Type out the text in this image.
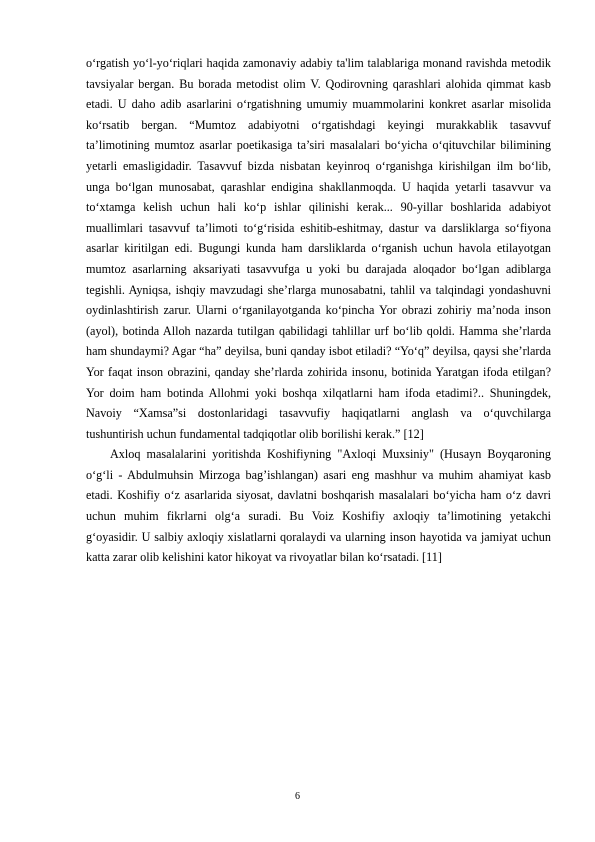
o‘rgatish yo‘l-yo‘riqlari haqida zamonaviy adabiy ta'lim talablariga monand ravishda metodik tavsiyalar bergan. Bu borada metodist olim V. Qodirovning qarashlari alohida qimmat kasb etadi. U daho adib asarlarini o‘rgatishning umumiy muammolarini konkret asarlar misolida ko‘rsatib bergan. “Mumtoz adabiyotni o‘rgatishdagi keyingi murakkablik tasavvuf ta’limotining mumtoz asarlar poetikasiga ta’siri masalalari bo‘yicha o‘qituvchilar bilimining yetarli emasligidadir. Tasavvuf bizda nisbatan keyinroq o‘rganishga kirishilgan ilm bo‘lib, unga bo‘lgan munosabat, qarashlar endigina shakllanmoqda. U haqida yetarli tasavvur va to‘xtamga kelish uchun hali ko‘p ishlar qilinishi kerak... 90-yillar boshlarida adabiyot muallimlari tasavvuf ta’limoti to‘g‘risida eshitib-eshitmay, dastur va darsliklarga so‘fiyona asarlar kiritilgan edi. Bugungi kunda ham darsliklarda o‘rganish uchun havola etilayotgan mumtoz asarlarning aksariyati tasavvufga u yoki bu darajada aloqador bo‘lgan adiblarga tegishli. Ayniqsa, ishqiy mavzudagi she’rlarga munosabatni, tahlil va talqindagi yondashuvni oydinlashtirish zarur. Ularni o‘rganilayotganda ko‘pincha Yor obrazi zohiriy ma’noda inson (ayol), botinda Alloh nazarda tutilgan qabilidagi tahlillar urf bo‘lib qoldi. Hamma she’rlarda ham shundaymi? Agar “ha” deyilsa, buni qanday isbot etiladi? “Yo‘q” deyilsa, qaysi she’rlarda Yor faqat inson obrazini, qanday she’rlarda zohirida insonu, botinida Yaratgan ifoda etilgan? Yor doim ham botinda Allohmi yoki boshqa xilqatlarni ham ifoda etadimi?.. Shuningdek, Navoiy “Xamsa”si dostonlaridagi tasavvufiy haqiqatlarni anglash va o‘quvchilarga tushuntirish uchun fundamental tadqiqotlar olib borilishi kerak.” [12]

Axloq masalalarini yoritishda Koshifiyning "Axloqi Muxsiniy" (Husayn Boyqaroning o‘g‘li - Abdulmuhsin Mirzoga bag’ishlangan) asari eng mashhur va muhim ahamiyat kasb etadi. Koshifiy o‘z asarlarida siyosat, davlatni boshqarish masalalari bo‘yicha ham o‘z davri uchun muhim fikrlarni olg‘a suradi. Bu Voiz Koshifiy axloqiy ta’limotining yetakchi g‘oyasidir. U salbiy axloqiy xislatlarni qoralaydi va ularning inson hayotida va jamiyat uchun katta zarar olib kelishini kator hikoyat va rivoyatlar bilan ko‘rsatadi. [11]

6
